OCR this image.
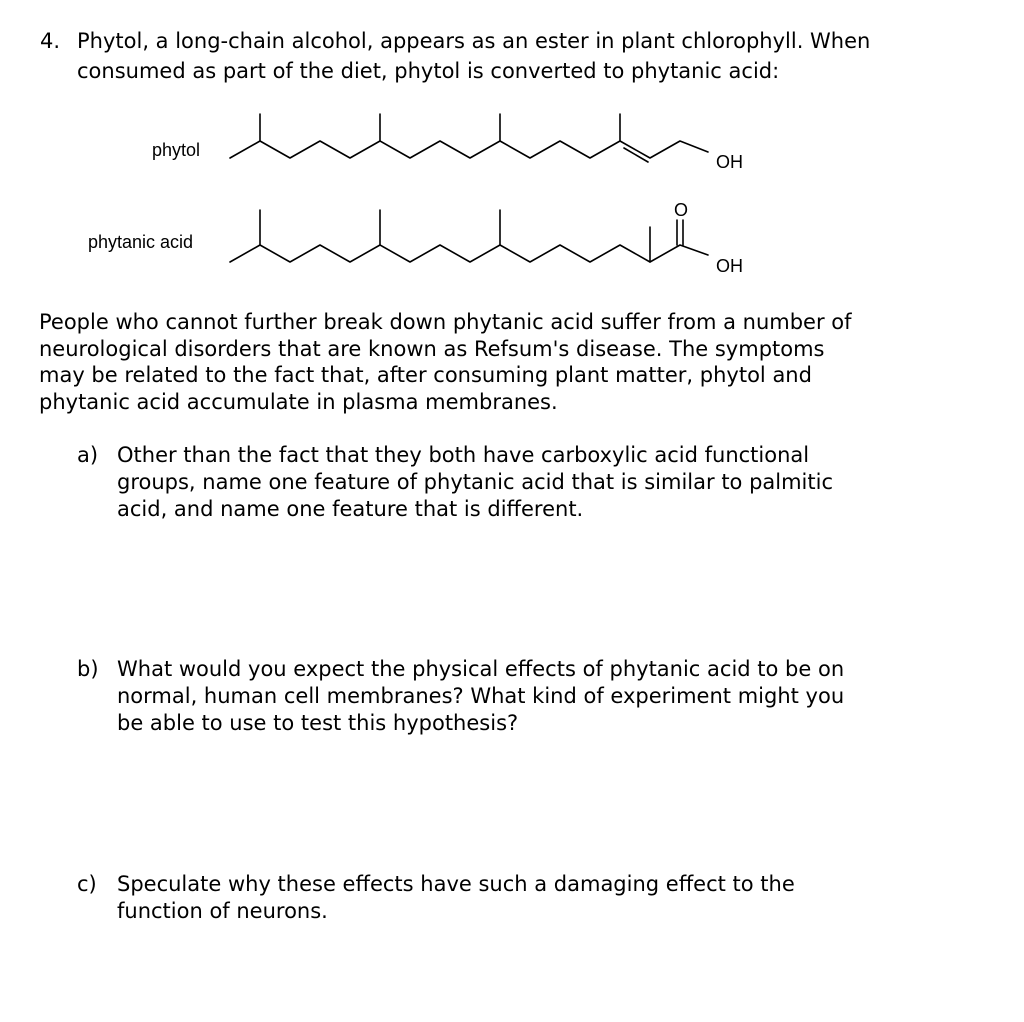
4. Phytol, a long-chain alcohol, appears as an ester in plant chlorophyll. When
consumed as part of the diet, phytol is converted to phytanic acid:
phytol
phytanic acid
OH
O
OH
People who cannot further break down phytanic acid suffer from a number of
neurological disorders that are known as Refsum's disease. The symptoms
may be related to the fact that, after consuming plant matter, phytol and
phytanic acid accumulate in plasma membranes.
a) Other than the fact that they both have carboxylic acid functional
groups, name one feature of phytanic acid that is similar to palmitic
acid, and name one feature that is different.
b) What would you expect the physical effects of phytanic acid to be on
normal, human cell membranes? What kind of experiment might you
be able to use to test this hypothesis?
c) Speculate why these effects have such a damaging effect to the
function of neurons.
